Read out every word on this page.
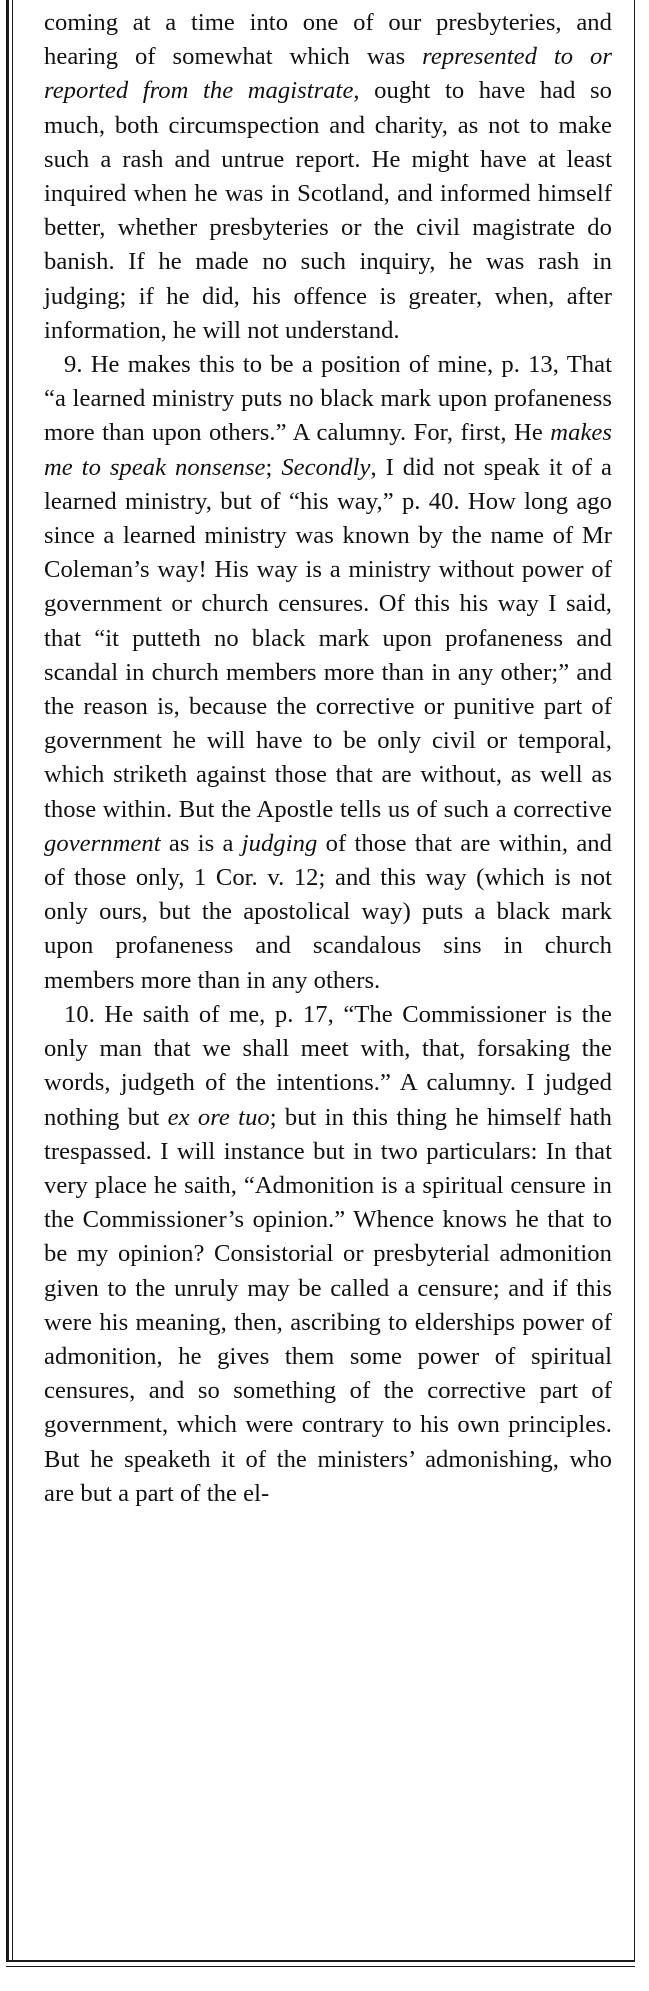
coming at a time into one of our presbyteries, and hearing of somewhat which was represented to or reported from the magistrate, ought to have had so much, both circumspection and charity, as not to make such a rash and untrue report. He might have at least inquired when he was in Scotland, and informed himself better, whether presbyteries or the civil magistrate do banish. If he made no such inquiry, he was rash in judging; if he did, his offence is greater, when, after information, he will not understand.

9. He makes this to be a position of mine, p. 13, That “a learned ministry puts no black mark upon profaneness more than upon others.” A calumny. For, first, He makes me to speak nonsense; Secondly, I did not speak it of a learned ministry, but of “his way,” p. 40. How long ago since a learned ministry was known by the name of Mr Coleman’s way! His way is a ministry without power of government or church censures. Of this his way I said, that “it putteth no black mark upon profaneness and scandal in church members more than in any other;” and the reason is, because the corrective or punitive part of government he will have to be only civil or temporal, which striketh against those that are without, as well as those within. But the Apostle tells us of such a corrective government as is a judging of those that are within, and of those only, 1 Cor. v. 12; and this way (which is not only ours, but the apostolical way) puts a black mark upon profaneness and scandalous sins in church members more than in any others.

10. He saith of me, p. 17, “The Commissioner is the only man that we shall meet with, that, forsaking the words, judgeth of the intentions.” A calumny. I judged nothing but ex ore tuo; but in this thing he himself hath trespassed. I will instance but in two particulars: In that very place he saith, “Admonition is a spiritual censure in the Commissioner’s opinion.” Whence knows he that to be my opinion? Consistorial or presbyterial admonition given to the unruly may be called a censure; and if this were his meaning, then, ascribing to elderships power of admonition, he gives them some power of spiritual censures, and so something of the corrective part of government, which were contrary to his own principles. But he speaketh it of the ministers’ admonishing, who are but a part of the el-
